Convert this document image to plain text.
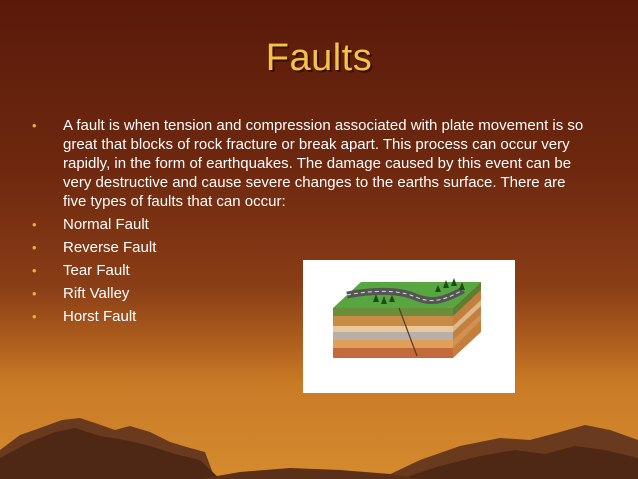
Faults
• A fault is when tension and compression associated with plate movement is so great that blocks of rock fracture or break apart. This process can occur very rapidly, in the form of earthquakes. The damage caused by this event can be very destructive and cause severe changes to the earths surface. There are five types of faults that can occur:
• Normal Fault
• Reverse Fault
• Tear Fault
• Rift Valley
• Horst Fault
